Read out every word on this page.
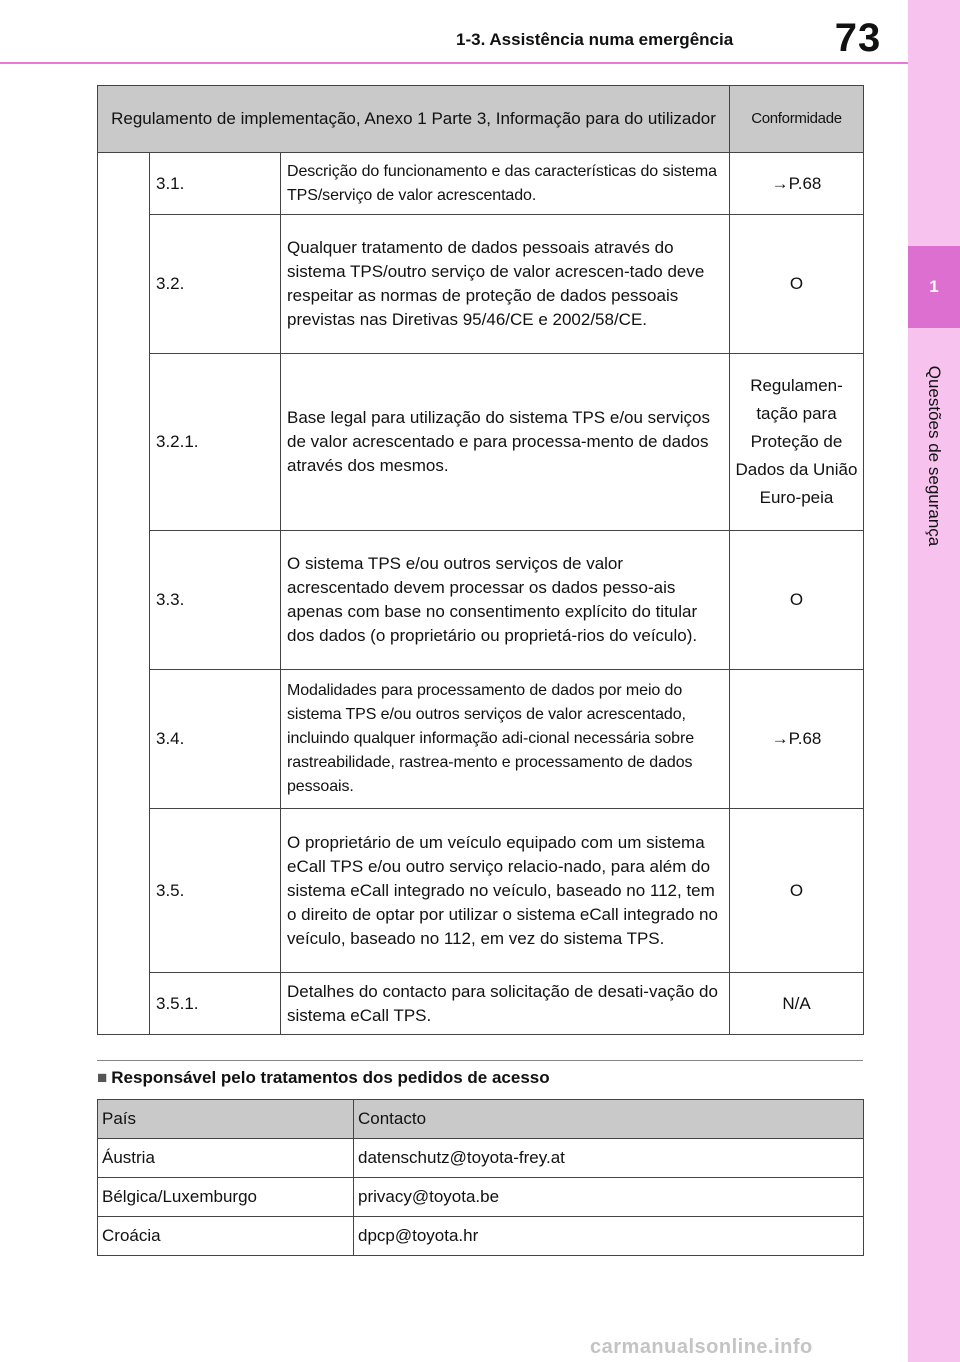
1-3. Assistência numa emergência	73
1
Questões de segurança
Regulamento de implementação, Anexo 1 Parte 3, Informação para do utilizador			Conformidade
	3.1.	Descrição do funcionamento e das características do sistema TPS/serviço de valor acrescentado.	→P.68
	3.2.	Qualquer tratamento de dados pessoais através do sistema TPS/outro serviço de valor acrescen-tado deve respeitar as normas de proteção de dados pessoais previstas nas Diretivas 95/46/CE e 2002/58/CE.	O
	3.2.1.	Base legal para utilização do sistema TPS e/ou serviços de valor acrescentado e para processa-mento de dados através dos mesmos.	Regulamen-tação para Proteção de Dados da União Euro-peia
	3.3.	O sistema TPS e/ou outros serviços de valor acrescentado devem processar os dados pesso-ais apenas com base no consentimento explícito do titular dos dados (o proprietário ou proprietá-rios do veículo).	O
	3.4.	Modalidades para processamento de dados por meio do sistema TPS e/ou outros serviços de valor acrescentado, incluindo qualquer informação adi-cional necessária sobre rastreabilidade, rastrea-mento e processamento de dados pessoais.	→P.68
	3.5.	O proprietário de um veículo equipado com um sistema eCall TPS e/ou outro serviço relacio-nado, para além do sistema eCall integrado no veículo, baseado no 112, tem o direito de optar por utilizar o sistema eCall integrado no veículo, baseado no 112, em vez do sistema TPS.	O
	3.5.1.	Detalhes do contacto para solicitação de desati-vação do sistema eCall TPS.	N/A
■ Responsável pelo tratamentos dos pedidos de acesso
País	Contacto
Áustria	datenschutz@toyota-frey.at
Bélgica/Luxemburgo	privacy@toyota.be
Croácia	dpcp@toyota.hr
carmanualsonline.info
